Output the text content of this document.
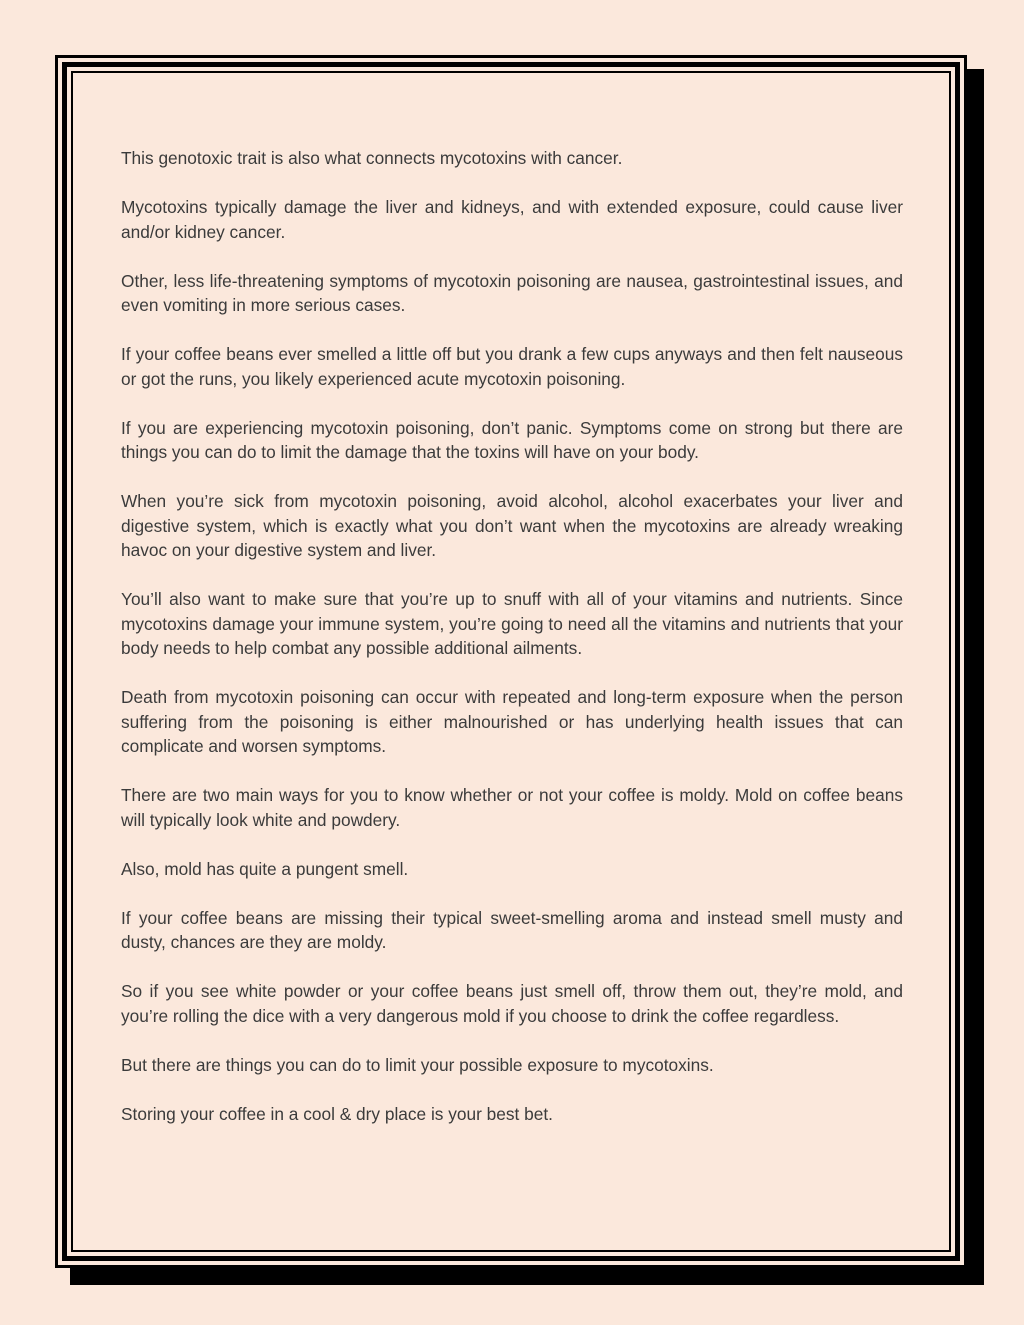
This genotoxic trait is also what connects mycotoxins with cancer.

Mycotoxins typically damage the liver and kidneys, and with extended exposure, could cause liver and/or kidney cancer.

Other, less life-threatening symptoms of mycotoxin poisoning are nausea, gastrointestinal issues, and even vomiting in more serious cases.

If your coffee beans ever smelled a little off but you drank a few cups anyways and then felt nauseous or got the runs, you likely experienced acute mycotoxin poisoning.

If you are experiencing mycotoxin poisoning, don’t panic. Symptoms come on strong but there are things you can do to limit the damage that the toxins will have on your body.

When you’re sick from mycotoxin poisoning, avoid alcohol, alcohol exacerbates your liver and digestive system, which is exactly what you don’t want when the mycotoxins are already wreaking havoc on your digestive system and liver.

You’ll also want to make sure that you’re up to snuff with all of your vitamins and nutrients. Since mycotoxins damage your immune system, you’re going to need all the vitamins and nutrients that your body needs to help combat any possible additional ailments.

Death from mycotoxin poisoning can occur with repeated and long-term exposure when the person suffering from the poisoning is either malnourished or has underlying health issues that can complicate and worsen symptoms.

There are two main ways for you to know whether or not your coffee is moldy. Mold on coffee beans will typically look white and powdery.

Also, mold has quite a pungent smell.

If your coffee beans are missing their typical sweet-smelling aroma and instead smell musty and dusty, chances are they are moldy.

So if you see white powder or your coffee beans just smell off, throw them out, they’re mold, and you’re rolling the dice with a very dangerous mold if you choose to drink the coffee regardless.

But there are things you can do to limit your possible exposure to mycotoxins.

Storing your coffee in a cool & dry place is your best bet.
